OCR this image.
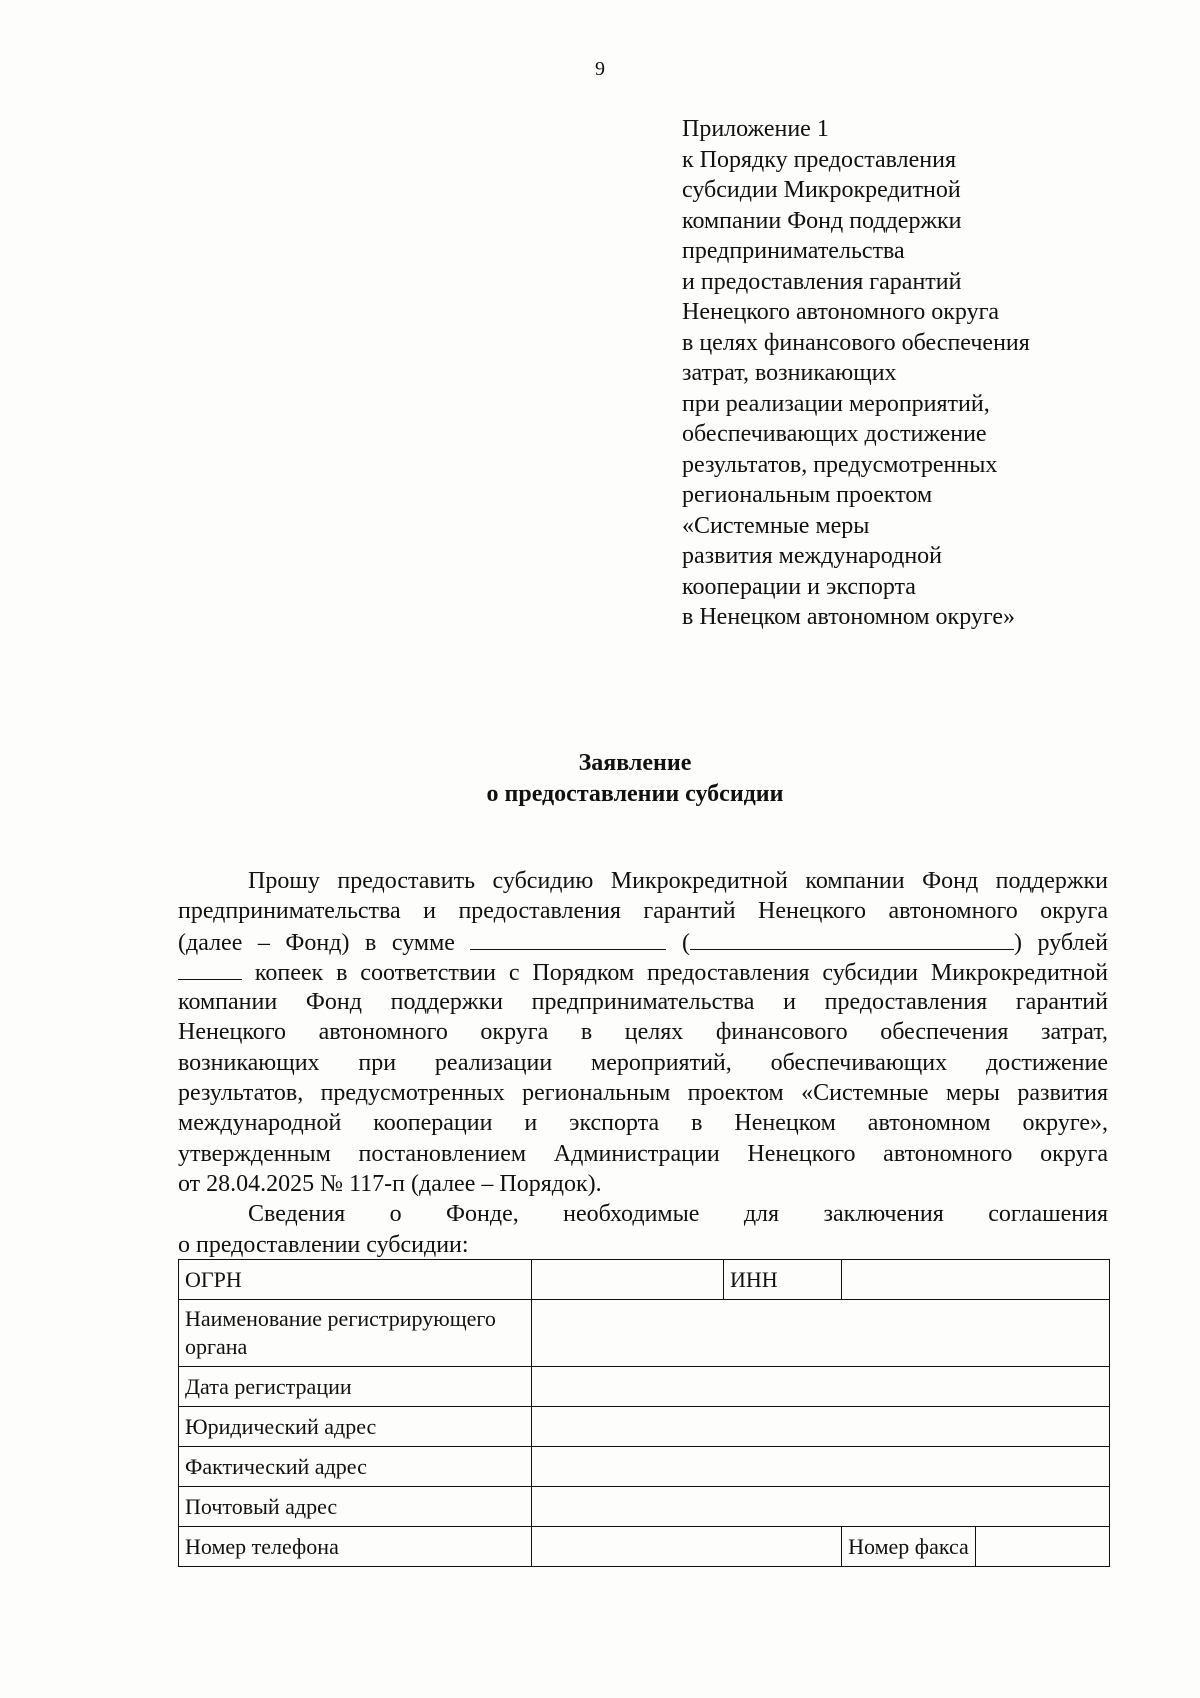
9
Приложение 1
к Порядку предоставления
субсидии Микрокредитной
компании Фонд поддержки
предпринимательства
и предоставления гарантий
Ненецкого автономного округа
в целях финансового обеспечения
затрат, возникающих
при реализации мероприятий,
обеспечивающих достижение
результатов, предусмотренных
региональным проектом
«Системные меры
развития международной
кооперации и экспорта
в Ненецком автономном округе»
Заявление
о предоставлении субсидии
Прошу предоставить субсидию Микрокредитной компании Фонд поддержки
предпринимательства и предоставления гарантий Ненецкого автономного округа
(далее – Фонд) в сумме	(	) рублей
копеек в соответствии с Порядком предоставления субсидии Микрокредитной
компании Фонд поддержки предпринимательства и предоставления гарантий
Ненецкого автономного округа в целях финансового обеспечения затрат,
возникающих при реализации мероприятий, обеспечивающих достижение
результатов, предусмотренных региональным проектом «Системные меры развития
международной кооперации и экспорта в Ненецком автономном округе»,
утвержденным постановлением Администрации Ненецкого автономного округа
от 28.04.2025 № 117-п (далее – Порядок).
Сведения о Фонде, необходимые для заключения соглашения
о предоставлении субсидии:
ОГРН		ИНН		
Наименование регистрирующего органа				
Дата регистрации				
Юридический адрес				
Фактический адрес				
Почтовый адрес				
Номер телефона			Номер факса	
